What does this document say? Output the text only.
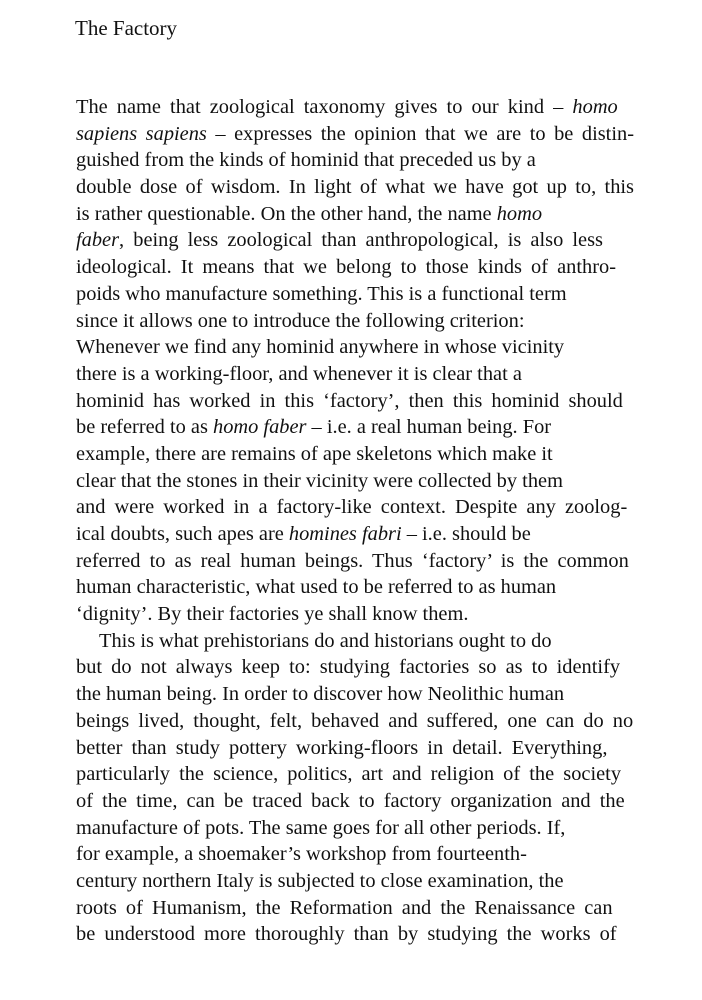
The Factory
The name that zoological taxonomy gives to our kind – homo
sapiens sapiens – expresses the opinion that we are to be distin-
guished from the kinds of hominid that preceded us by a
double dose of wisdom. In light of what we have got up to, this
is rather questionable. On the other hand, the name homo
faber, being less zoological than anthropological, is also less
ideological. It means that we belong to those kinds of anthro-
poids who manufacture something. This is a functional term
since it allows one to introduce the following criterion:
Whenever we find any hominid anywhere in whose vicinity
there is a working-floor, and whenever it is clear that a
hominid has worked in this ‘factory’, then this hominid should
be referred to as homo faber – i.e. a real human being. For
example, there are remains of ape skeletons which make it
clear that the stones in their vicinity were collected by them
and were worked in a factory-like context. Despite any zoolog-
ical doubts, such apes are homines fabri – i.e. should be
referred to as real human beings. Thus ‘factory’ is the common
human characteristic, what used to be referred to as human
‘dignity’. By their factories ye shall know them.
This is what prehistorians do and historians ought to do
but do not always keep to: studying factories so as to identify
the human being. In order to discover how Neolithic human
beings lived, thought, felt, behaved and suffered, one can do no
better than study pottery working-floors in detail. Everything,
particularly the science, politics, art and religion of the society
of the time, can be traced back to factory organization and the
manufacture of pots. The same goes for all other periods. If,
for example, a shoemaker’s workshop from fourteenth-
century northern Italy is subjected to close examination, the
roots of Humanism, the Reformation and the Renaissance can
be understood more thoroughly than by studying the works of
